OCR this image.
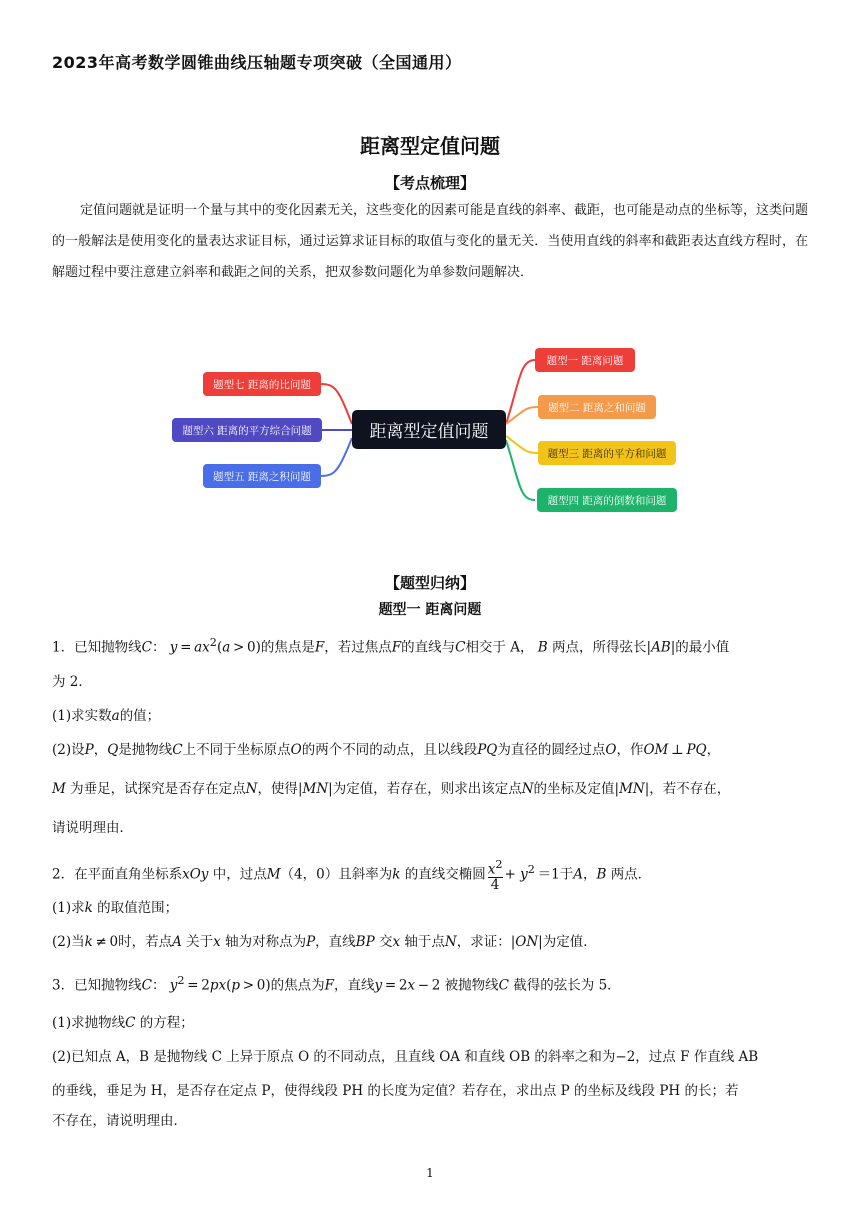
2023年高考数学圆锥曲线压轴题专项突破（全国通用）
距离型定值问题
【考点梳理】
定值问题就是证明一个量与其中的变化因素无关，这些变化的因素可能是直线的斜率、截距，也可能是动点的坐标等，这类问题的一般解法是使用变化的量表达求证目标，通过运算求证目标的取值与变化的量无关．当使用直线的斜率和截距表达直线方程时，在解题过程中要注意建立斜率和截距之间的关系，把双参数问题化为单参数问题解决．
距离型定值问题
题型一 距离问题
题型二 距离之和问题
题型三 距离的平方和问题
题型四 距离的倒数和问题
题型七 距离的比问题
题型六 距离的平方综合问题
题型五 距离之积问题
【题型归纳】
题型一 距离问题
1．已知抛物线C： $y = ax^2(a > 0)$的焦点是F，若过焦点F的直线与C相交于 A， B 两点，所得弦长|AB|的最小值
为 2．
(1)求实数a的值；
(2)设P，Q是抛物线C上不同于坐标原点O的两个不同的动点，且以线段PQ为直径的圆经过点O，作OM ⊥ PQ，
M 为垂足，试探究是否存在定点N，使得|MN|为定值，若存在，则求出该定点N的坐标及定值|MN|，若不存在，
请说明理由．
2．在平面直角坐标系xOy 中，过点M（4，0）且斜率为k 的直线交椭圆 $\frac{x^2}{4} + y^2 =1$于A，B 两点．
(1)求k 的取值范围；
(2)当k ≠ 0时，若点A 关于x 轴为对称点为P，直线BP 交x 轴于点N，求证：|ON|为定值．
3．已知抛物线C： $y^2 = 2px(p > 0)$的焦点为F，直线y = 2x − 2 被抛物线C 截得的弦长为 5．
(1)求抛物线C 的方程；
(2)已知点 A，B 是抛物线 C 上异于原点 O 的不同动点，且直线 OA 和直线 OB 的斜率之和为−2，过点 F 作直线 AB
的垂线，垂足为 H，是否存在定点 P，使得线段 PH 的长度为定值？若存在，求出点 P 的坐标及线段 PH 的长；若
不存在，请说明理由．
1
